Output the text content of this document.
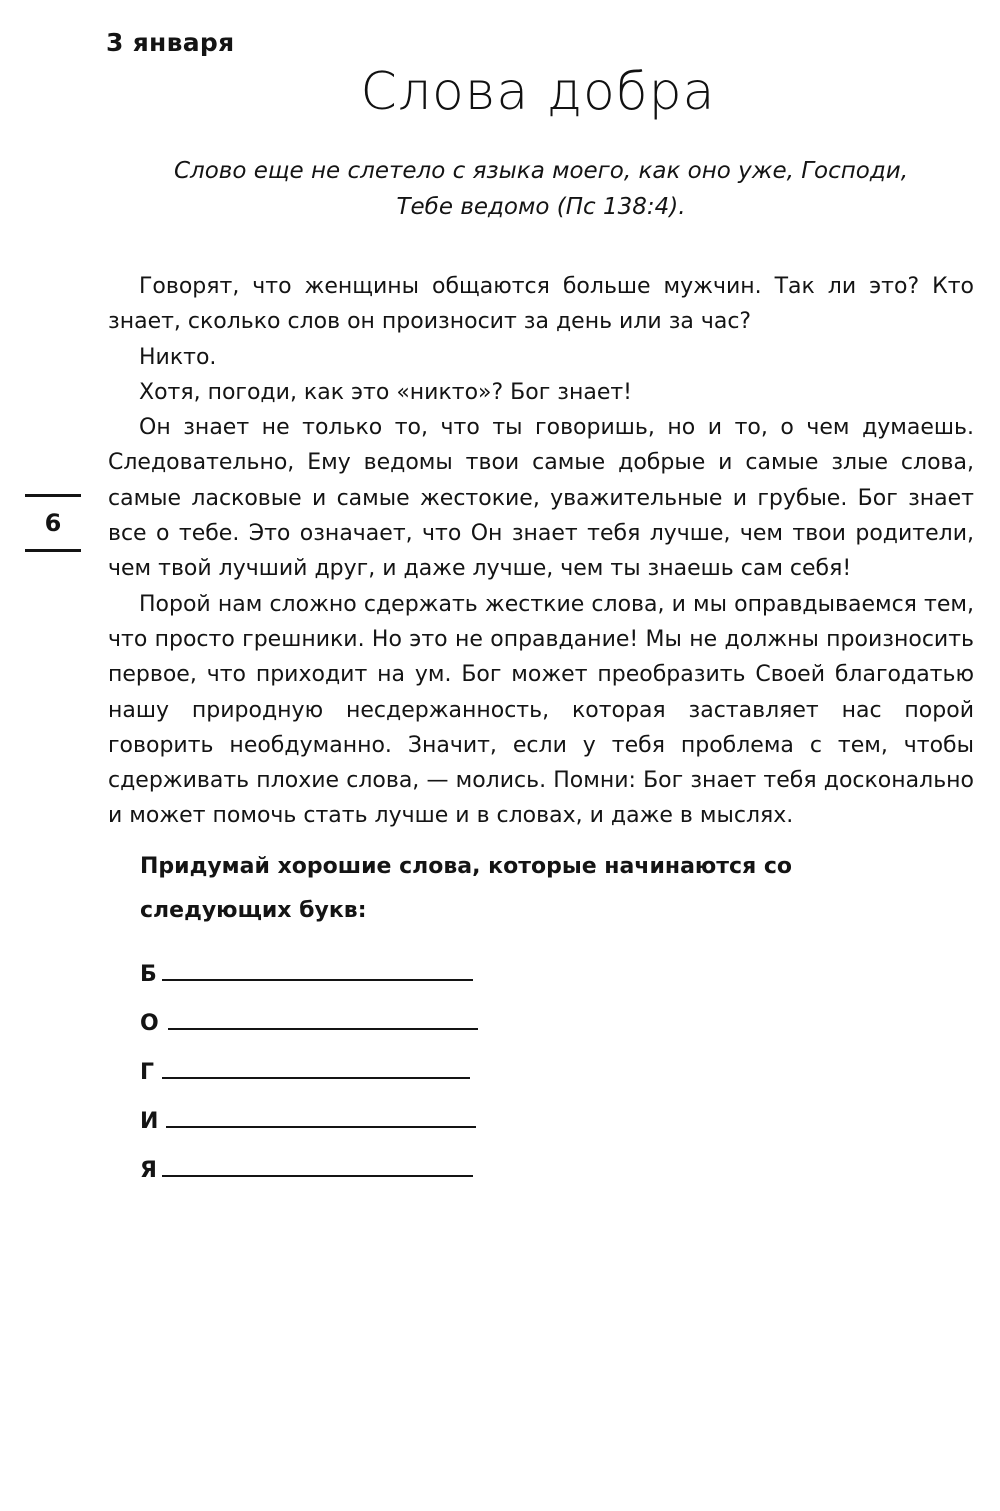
3 января
Слова добра
Слово еще не слетело с языка моего, как оно уже, Господи,
Тебе ведомо (Пс 138:4).

Говорят, что женщины общаются больше мужчин. Так ли это? Кто знает, сколько слов он произносит за день или за час?

Никто.

Хотя, погоди, как это «никто»? Бог знает!

Он знает не только то, что ты говоришь, но и то, о чем думаешь. Следовательно, Ему ведомы твои самые добрые и самые злые слова, самые ласковые и самые жестокие, уважительные и грубые. Бог знает все о тебе. Это означает, что Он знает тебя лучше, чем твои родители, чем твой лучший друг, и даже лучше, чем ты знаешь сам себя!

Порой нам сложно сдержать жесткие слова, и мы оправдываемся тем, что просто грешники. Но это не оправдание! Мы не должны произносить первое, что приходит на ум. Бог может преобразить Своей благодатью нашу природную несдержанность, которая заставляет нас порой говорить необдуманно. Значит, если у тебя проблема с тем, чтобы сдерживать плохие слова, — молись. Помни: Бог знает тебя досконально и может помочь стать лучше и в словах, и даже в мыслях.

6
Придумай хорошие слова, которые начинаются со
следующих букв:
Б
О
Г
И
Я
